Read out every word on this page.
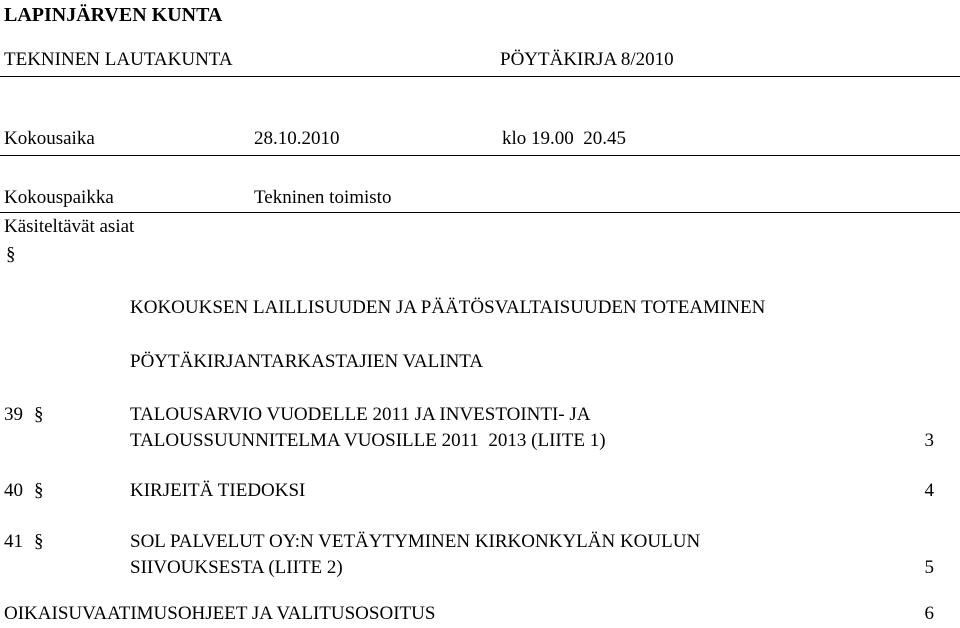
LAPINJÄRVEN KUNTA
TEKNINEN LAUTAKUNTA	PÖYTÄKIRJA 8/2010
Kokousaika	28.10.2010	klo 19.00  20.45
Kokouspaikka	Tekninen toimisto
Käsiteltävät asiat
§
KOKOUKSEN LAILLISUUDEN JA PÄÄTÖSVALTAISUUDEN TOTEAMINEN
PÖYTÄKIRJANTARKASTAJIEN VALINTA
39 §	TALOUSARVIO VUODELLE 2011 JA INVESTOINTI- JA
TALOUSSUUNNITELMA VUOSILLE 2011  2013 (LIITE 1)	3
40 §	KIRJEITÄ TIEDOKSI	4
41 §	SOL PALVELUT OY:N VETÄYTYMINEN KIRKONKYLÄN KOULUN
SIIVOUKSESTA (LIITE 2)	5
OIKAISUVAATIMUSOHJEET JA VALITUSOSOITUS	6
